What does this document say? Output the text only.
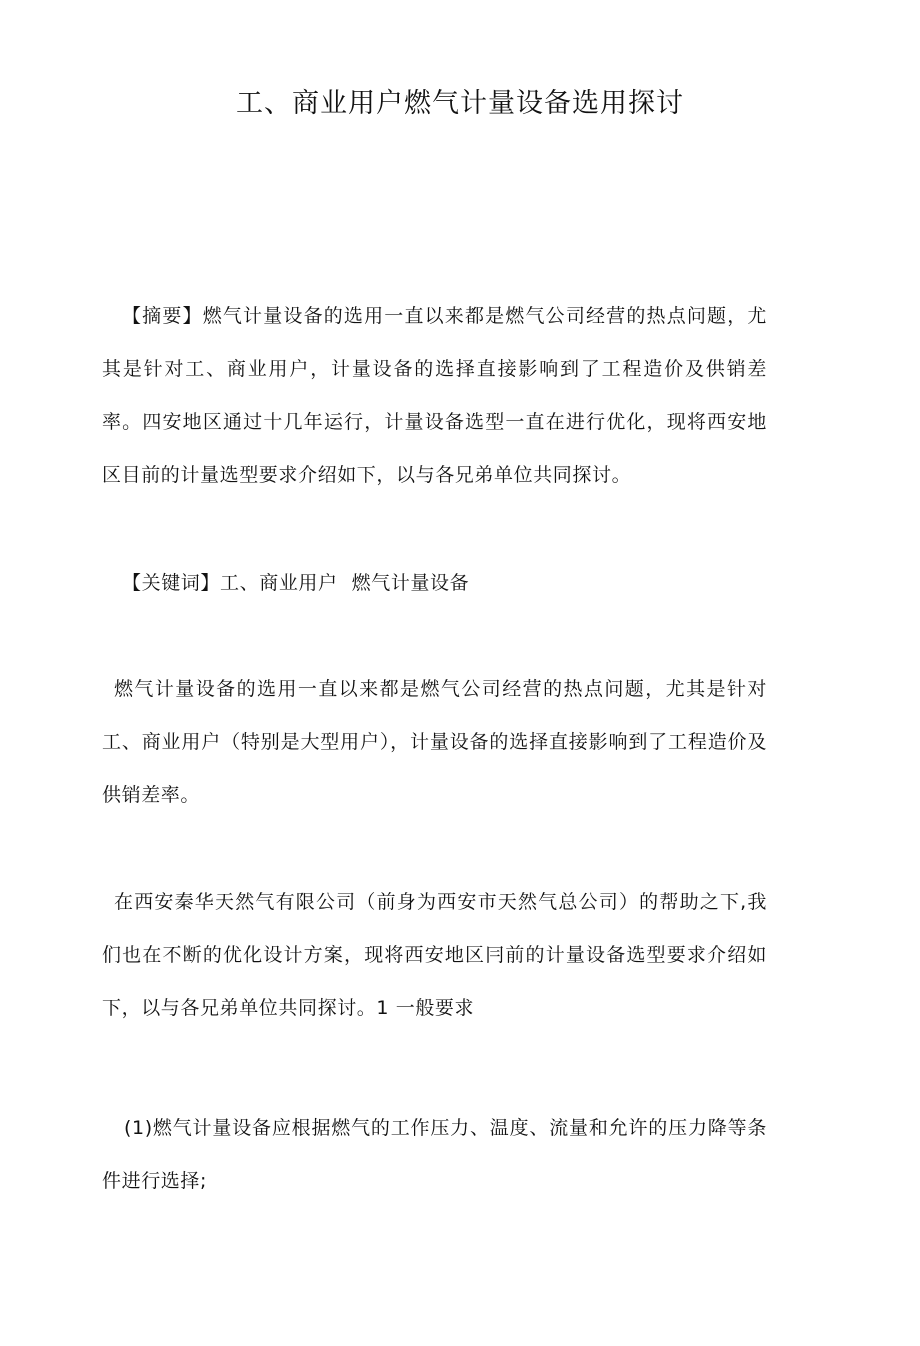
工、商业用户燃气计量设备选用探讨

【摘要】燃气计量设备的选用一直以来都是燃气公司经营的热点问题，尤其是针对工、商业用户，计量设备的选择直接影响到了工程造价及供销差率。四安地区通过十几年运行，计量设备选型一直在进行优化，现将西安地区目前的计量选型要求介绍如下，以与各兄弟单位共同探讨。

【关键词】工、商业用户 燃气计量设备

燃气计量设备的选用一直以来都是燃气公司经营的热点问题，尤其是针对工、商业用户（特别是大型用户），计量设备的选择直接影响到了工程造价及供销差率。

在西安秦华天然气有限公司（前身为西安市天然气总公司）的帮助之下,我们也在不断的优化设计方案，现将西安地区冃前的计量设备选型要求介绍如下，以与各兄弟单位共同探讨。1 一般要求

(1)燃气计量设备应根据燃气的工作压力、温度、流量和允许的压力降等条件进行选择;
